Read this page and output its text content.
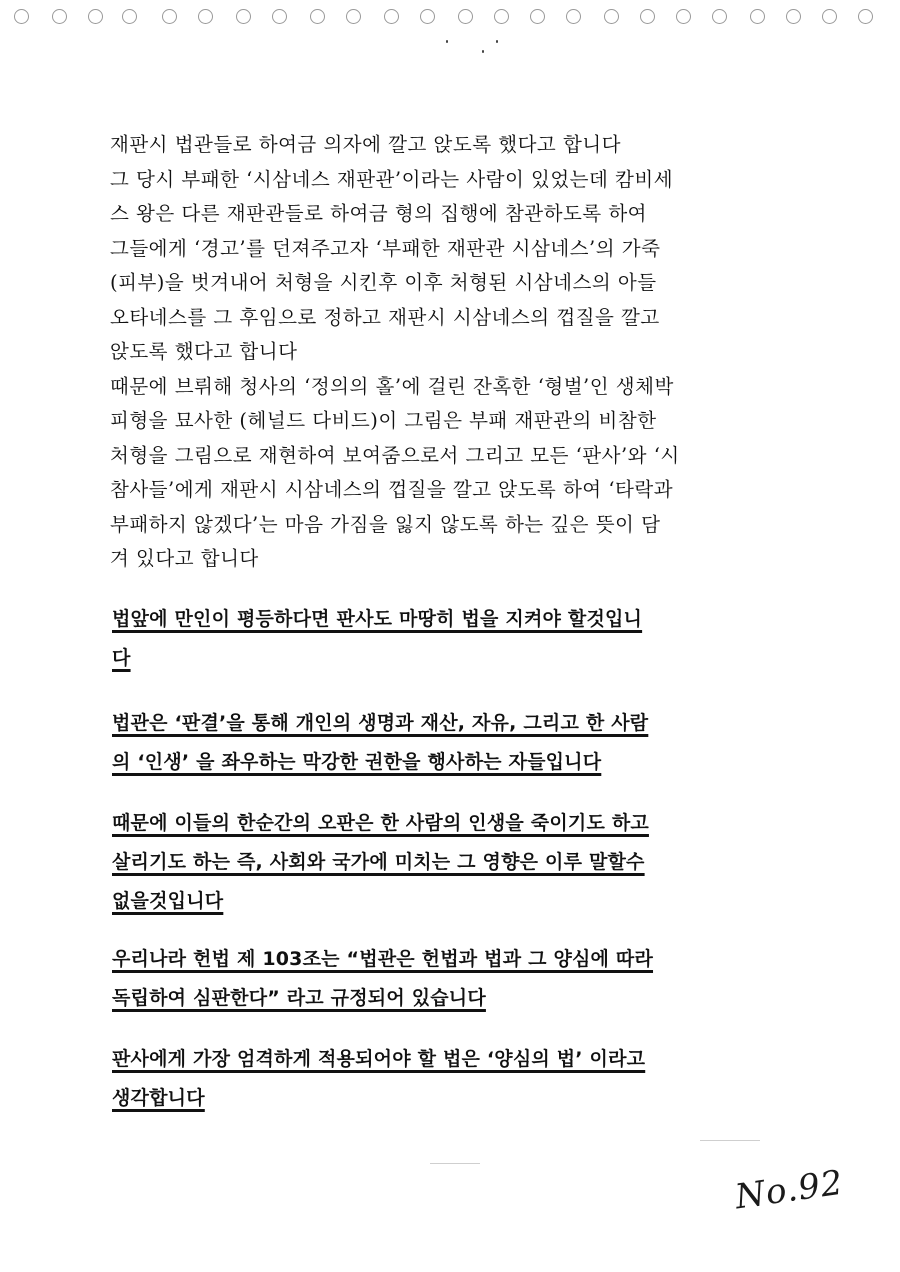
재판시 법관들로 하여금 의자에 깔고 앉도록 했다고 합니다

그 당시 부패한 ‘시삼네스 재판관’이라는 사람이 있었는데 캄비세

스 왕은 다른 재판관들로 하여금 형의 집행에 참관하도록 하여

그들에게 ‘경고’를 던져주고자 ‘부패한 재판관 시삼네스’의 가죽

(피부)을 벗겨내어 처형을 시킨후 이후 처형된 시삼네스의 아들

오타네스를 그 후임으로 정하고 재판시 시삼네스의 껍질을 깔고

앉도록 했다고 합니다

때문에 브뤼해 청사의 ‘정의의 홀’에 걸린 잔혹한 ‘형벌’인 생체박

피형을 묘사한 (헤널드 다비드)이 그림은 부패 재판관의 비참한

처형을 그림으로 재현하여 보여줌으로서 그리고 모든 ‘판사’와 ‘시

참사들’에게 재판시 시삼네스의 껍질을 깔고 앉도록 하여 ‘타락과

부패하지 않겠다’는 마음 가짐을 잃지 않도록 하는 깊은 뜻이 담

겨 있다고 합니다

법앞에 만인이 평등하다면 판사도 마땅히 법을 지켜야 할것입니
다
법관은 ‘판결’을 통해 개인의 생명과 재산, 자유, 그리고 한 사람
의 ‘인생’ 을 좌우하는 막강한 권한을 행사하는 자들입니다
때문에 이들의 한순간의 오판은 한 사람의 인생을 죽이기도 하고
살리기도 하는 즉, 사회와 국가에 미치는 그 영향은 이루 말할수
없을것입니다
우리나라 헌법 제 103조는 “법관은 헌법과 법과 그 양심에 따라
독립하여 심판한다” 라고 규정되어 있습니다
판사에게 가장 엄격하게 적용되어야 할 법은 ‘양심의 법’ 이라고
생각합니다
No.92
